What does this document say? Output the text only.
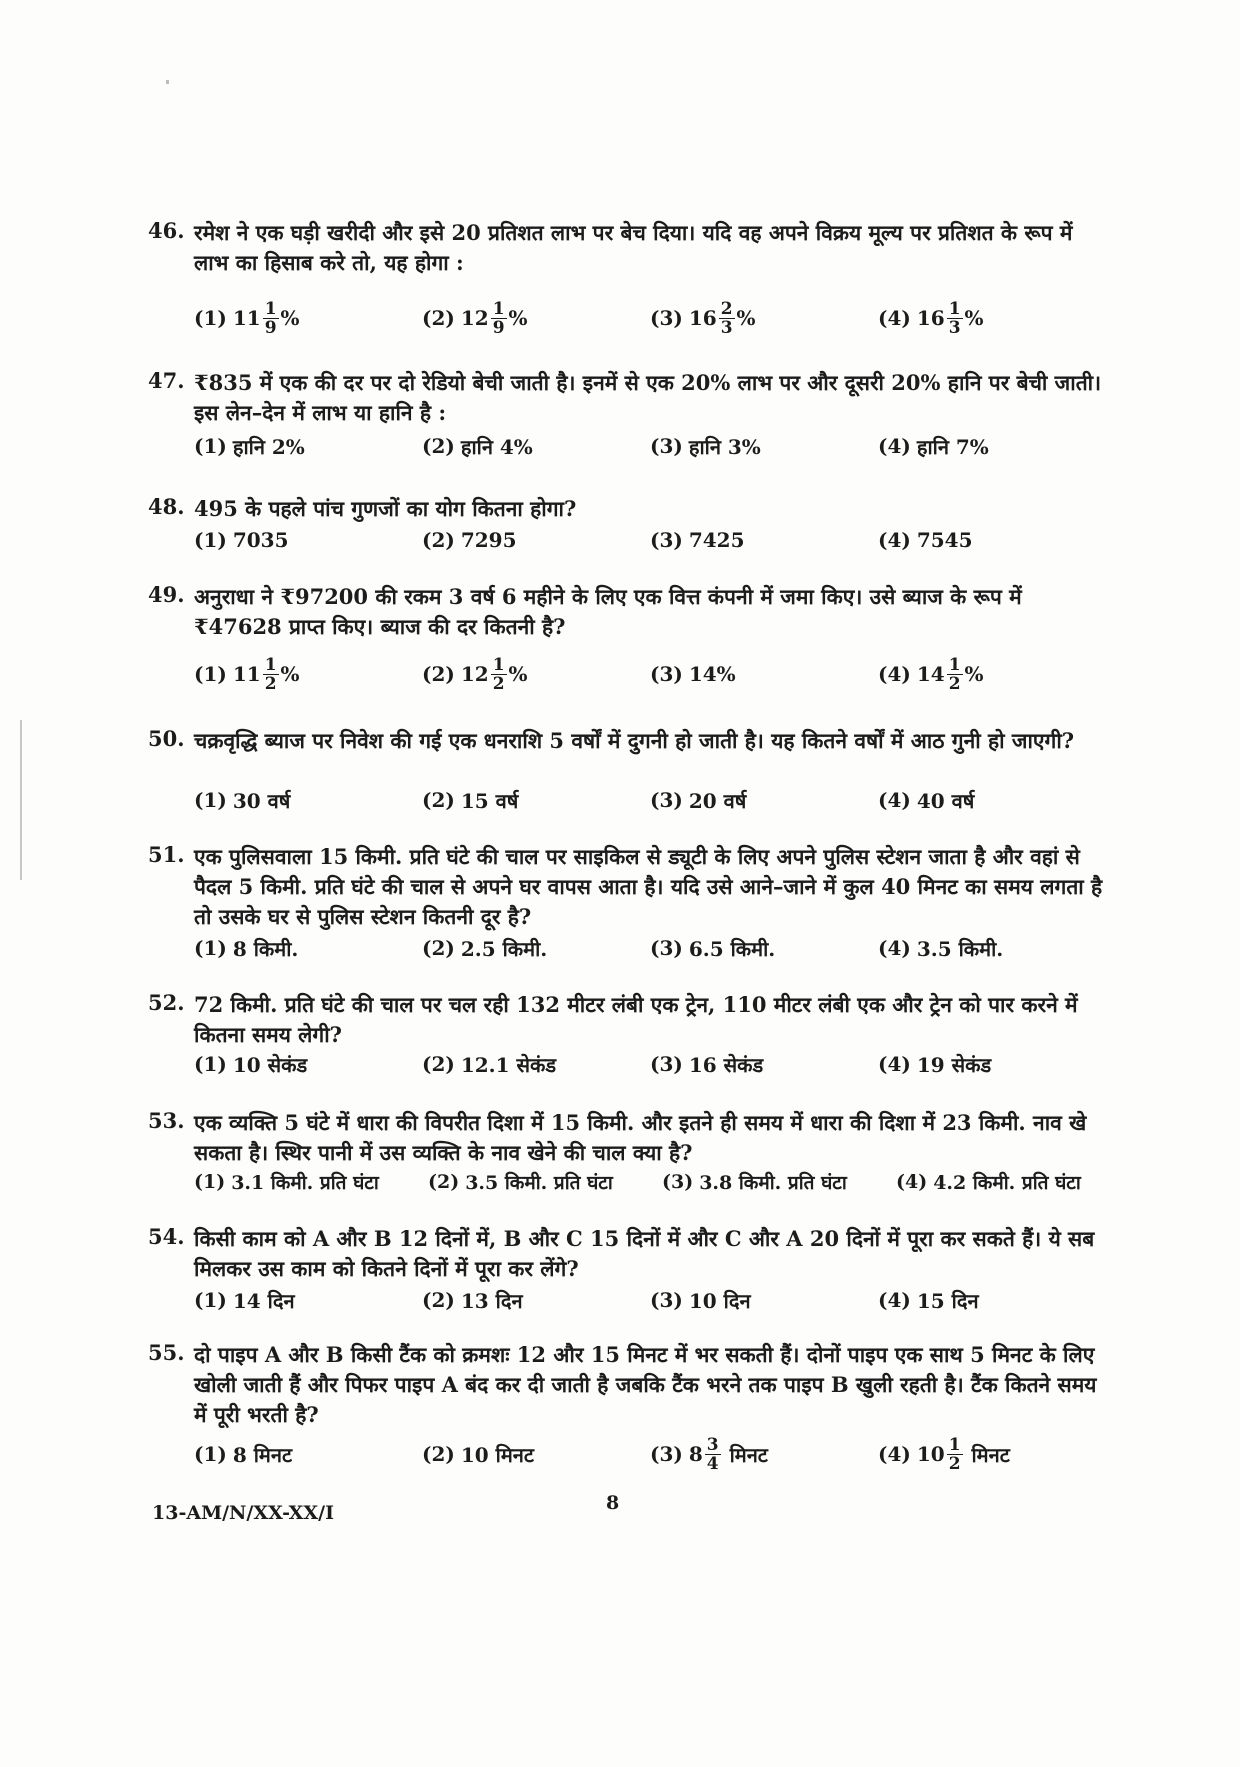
46. रमेश ने एक घड़ी खरीदी और इसे 20 प्रतिशत लाभ पर बेच दिया। यदि वह अपने विक्रय मूल्य पर प्रतिशत के रूप में लाभ का हिसाब करे तो, यह होगा :
(1) $11 \frac{1}{9}$ %	(2) $12 \frac{1}{9}$ %	(3) $16 \frac{2}{3}$ %	(4) $16 \frac{1}{3}$ %
47. ₹835 में एक की दर पर दो रेडियो बेची जाती है। इनमें से एक 20% लाभ पर और दूसरी 20% हानि पर बेची जाती। इस लेन–देन में लाभ या हानि है :
(1) हानि 2%	(2) हानि 4%	(3) हानि 3%	(4) हानि 7%
48. 495 के पहले पांच गुणजों का योग कितना होगा?
(1) 7035	(2) 7295	(3) 7425	(4) 7545
49. अनुराधा ने ₹97200 की रकम 3 वर्ष 6 महीने के लिए एक वित्त कंपनी में जमा किए। उसे ब्याज के रूप में ₹47628 प्राप्त किए। ब्याज की दर कितनी है?
(1) $11 \frac{1}{2}$ %	(2) $12 \frac{1}{2}$ %	(3) 14%	(4) $14 \frac{1}{2}$ %
50. चक्रवृद्धि ब्याज पर निवेश की गई एक धनराशि 5 वर्षों में दुगनी हो जाती है। यह कितने वर्षों में आठ गुनी हो जाएगी?
(1) 30 वर्ष	(2) 15 वर्ष	(3) 20 वर्ष	(4) 40 वर्ष
51. एक पुलिसवाला 15 किमी. प्रति घंटे की चाल पर साइकिल से ड्यूटी के लिए अपने पुलिस स्टेशन जाता है और वहां से पैदल 5 किमी. प्रति घंटे की चाल से अपने घर वापस आता है। यदि उसे आने–जाने में कुल 40 मिनट का समय लगता है तो उसके घर से पुलिस स्टेशन कितनी दूर है?
(1) 8 किमी.	(2) 2.5 किमी.	(3) 6.5 किमी.	(4) 3.5 किमी.
52. 72 किमी. प्रति घंटे की चाल पर चल रही 132 मीटर लंबी एक ट्रेन, 110 मीटर लंबी एक और ट्रेन को पार करने में कितना समय लेगी?
(1) 10 सेकंड	(2) 12.1 सेकंड	(3) 16 सेकंड	(4) 19 सेकंड
53. एक व्यक्ति 5 घंटे में धारा की विपरीत दिशा में 15 किमी. और इतने ही समय में धारा की दिशा में 23 किमी. नाव खे सकता है। स्थिर पानी में उस व्यक्ति के नाव खेने की चाल क्या है?
(1) 3.1 किमी. प्रति घंटा	(2) 3.5 किमी. प्रति घंटा	(3) 3.8 किमी. प्रति घंटा	(4) 4.2 किमी. प्रति घंटा
54. किसी काम को A और B 12 दिनों में, B और C 15 दिनों में और C और A 20 दिनों में पूरा कर सकते हैं। ये सब मिलकर उस काम को कितने दिनों में पूरा कर लेंगे?
(1) 14 दिन	(2) 13 दिन	(3) 10 दिन	(4) 15 दिन
55. दो पाइप A और B किसी टैंक को क्रमशः 12 और 15 मिनट में भर सकती हैं। दोनों पाइप एक साथ 5 मिनट के लिए खोली जाती हैं और पिफर पाइप A बंद कर दी जाती है जबकि टैंक भरने तक पाइप B खुली रहती है। टैंक कितने समय में पूरी भरती है?
(1) 8 मिनट	(2) 10 मिनट	(3) $8 \frac{3}{4}$ मिनट	(4) $10 \frac{1}{2}$ मिनट
13-AM/N/XX-XX/I	8
